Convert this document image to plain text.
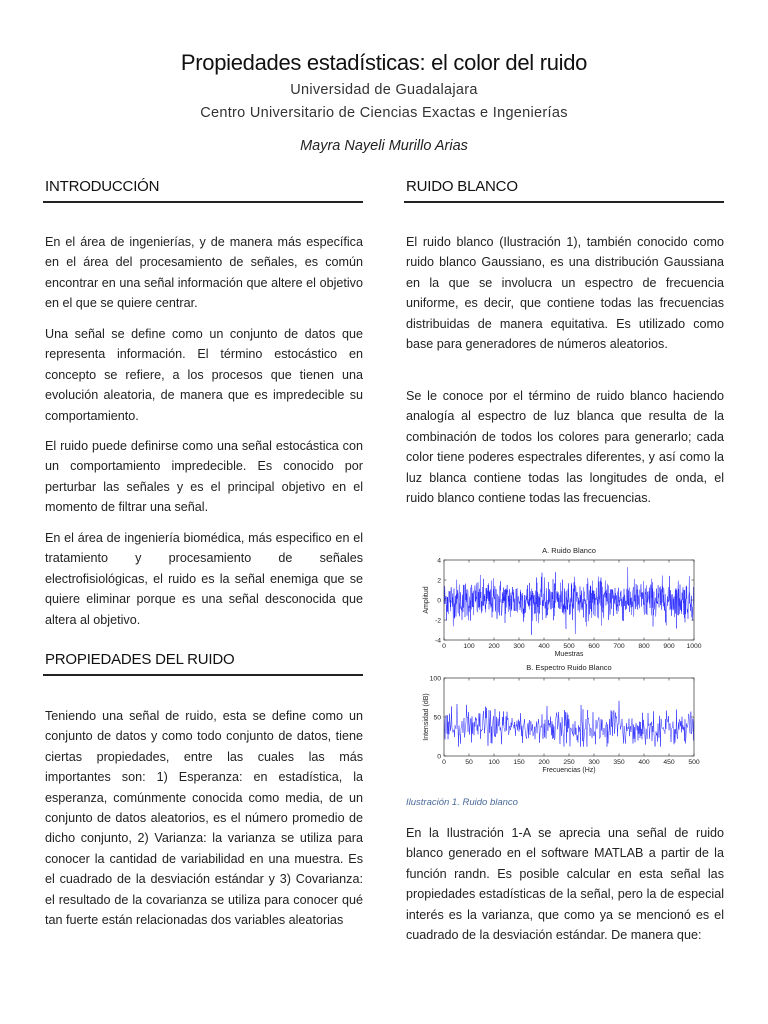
Propiedades estadísticas: el color del ruido
Universidad de Guadalajara
Centro Universitario de Ciencias Exactas e Ingenierías
Mayra Nayeli Murillo Arias
INTRODUCCIÓN
En el área de ingenierías, y de manera más específica en el área del procesamiento de señales, es común encontrar en una señal información que altere el objetivo en el que se quiere centrar.
Una señal se define como un conjunto de datos que representa información. El término estocástico en concepto se refiere, a los procesos que tienen una evolución aleatoria, de manera que es impredecible su comportamiento.
El ruido puede definirse como una señal estocástica con un comportamiento impredecible. Es conocido por perturbar las señales y es el principal objetivo en el momento de filtrar una señal.
En el área de ingeniería biomédica, más especifico en el tratamiento y procesamiento de señales electrofisiológicas, el ruido es la señal enemiga que se quiere eliminar porque es una señal desconocida que altera al objetivo.
PROPIEDADES DEL RUIDO
Teniendo una señal de ruido, esta se define como un conjunto de datos y como todo conjunto de datos, tiene ciertas propiedades, entre las cuales las más importantes son: 1) Esperanza: en estadística, la esperanza, comúnmente conocida como media, de un conjunto de datos aleatorios, es el número promedio de dicho conjunto, 2) Varianza: la varianza se utiliza para conocer la cantidad de variabilidad en una muestra. Es el cuadrado de la desviación estándar y 3) Covarianza: el resultado de la covarianza se utiliza para conocer qué tan fuerte están relacionadas dos variables aleatorias
RUIDO BLANCO
El ruido blanco (Ilustración 1), también conocido como ruido blanco Gaussiano, es una distribución Gaussiana en la que se involucra un espectro de frecuencia uniforme, es decir, que contiene todas las frecuencias distribuidas de manera equitativa. Es utilizado como base para generadores de números aleatorios.
Se le conoce por el término de ruido blanco haciendo analogía al espectro de luz blanca que resulta de la combinación de todos los colores para generarlo; cada color tiene poderes espectrales diferentes, y así como la luz blanca contiene todas las longitudes de onda, el ruido blanco contiene todas las frecuencias.
A. Ruido Blanco
0	100 200 300 400 500 600 700 800 900 1000
-4
-2
0
2
4
Muestras
Amplitud
B. Espectro Ruido Blanco
0	50 100 150 200 250 300 350 400 450 500
0
50
100
Frecuencias (Hz)
Intensidad (dB)
Ilustración 1. Ruido blanco
En la Ilustración 1-A se aprecia una señal de ruido blanco generado en el software MATLAB a partir de la función randn. Es posible calcular en esta señal las propiedades estadísticas de la señal, pero la de especial interés es la varianza, que como ya se mencionó es el cuadrado de la desviación estándar. De manera que:
